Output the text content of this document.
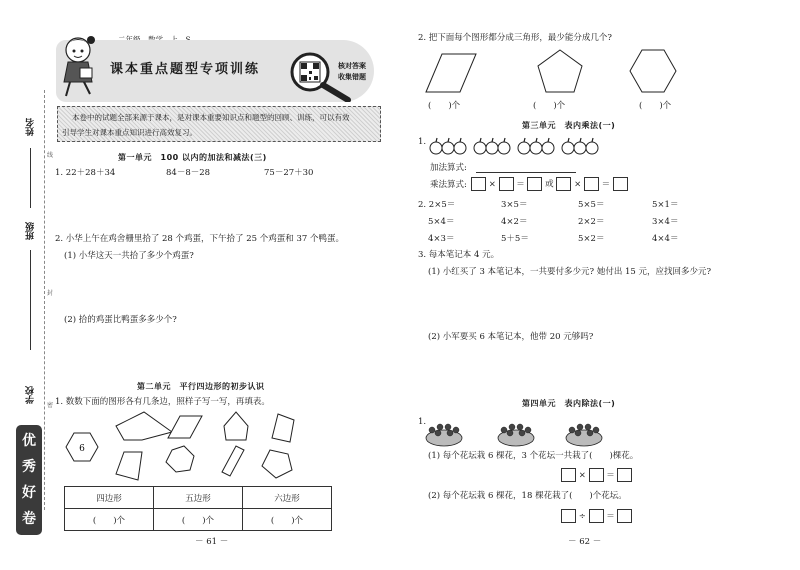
姓名
班级
学校
线
封
密
优
秀
好
卷
课本重点题型专项训练	核对答案
收集错题
本卷中的试题全部来源于课本，是对课本重要知识点和题型的回顾、训练，可以有效
引导学生对课本重点知识进行高效复习。
第一单元　100 以内的加法和减法(三)
1. 22＋28＋34	84－8－28	75－27＋30
2. 小华上午在鸡舍栅里拾了 28 个鸡蛋，下午拾了 25 个鸡蛋和 37 个鸭蛋。
(1) 小华这天一共拾了多少个鸡蛋?
(2) 拾的鸡蛋比鸭蛋多多少个?
第二单元　平行四边形的初步认识
1. 数数下面的图形各有几条边，照样子写一写，再填表。
6
四边形	五边形	六边形
(　　)个	(　　)个	(　　)个
－ 61 －
2. 把下面每个图形都分成三角形，最少能分成几个?
(　　)个	(　　)个	(　　)个
第三单元　表内乘法(一)
1.
加法算式:
乘法算式:	× ＝ 或 × ＝
2. 2×5＝	3×5＝	5×5＝	5×1＝
5×4＝	4×2＝	2×2＝	3×4＝
4×3＝	5＋5＝	5×2＝	4×4＝
3. 每本笔记本 4 元。
(1) 小红买了 3 本笔记本，一共要付多少元? 她付出 15 元，应找回多少元?
(2) 小军要买 6 本笔记本，他带 20 元够吗?
第四单元　表内除法(一)
1.
(1) 每个花坛栽 6 棵花，3 个花坛一共栽了(　　)棵花。
× ＝
(2) 每个花坛栽 6 棵花，18 棵花栽了(　　)个花坛。
÷ ＝
－ 62 －
